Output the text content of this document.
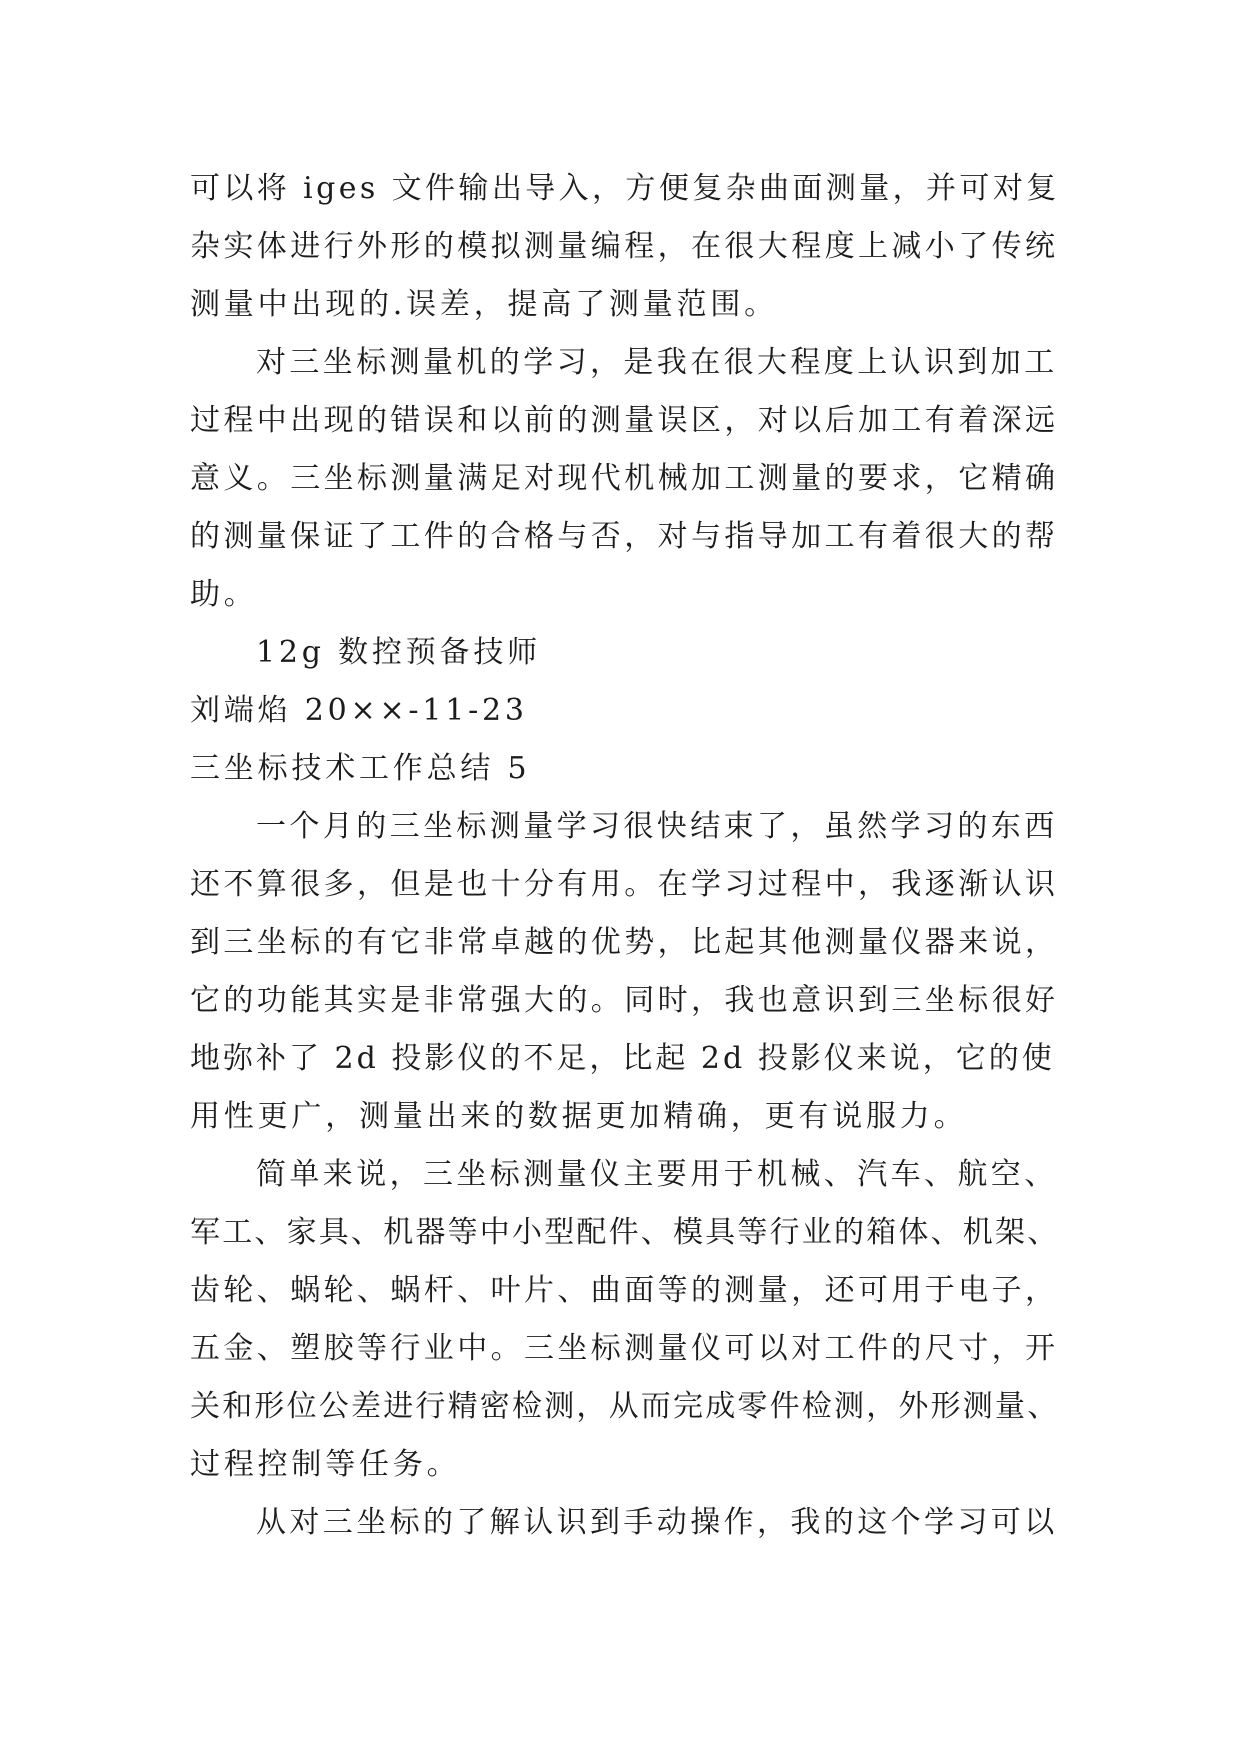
可以将 iges 文件输出导入，方便复杂曲面测量，并可对复
杂实体进行外形的模拟测量编程，在很大程度上减小了传统
测量中出现的.误差，提高了测量范围。
对三坐标测量机的学习，是我在很大程度上认识到加工
过程中出现的错误和以前的测量误区，对以后加工有着深远
意义。三坐标测量满足对现代机械加工测量的要求，它精确
的测量保证了工件的合格与否，对与指导加工有着很大的帮
助。
12g 数控预备技师
刘端焰 20××-11-23
三坐标技术工作总结 5
一个月的三坐标测量学习很快结束了，虽然学习的东西
还不算很多，但是也十分有用。在学习过程中，我逐渐认识
到三坐标的有它非常卓越的优势，比起其他测量仪器来说，
它的功能其实是非常强大的。同时，我也意识到三坐标很好
地弥补了 2d 投影仪的不足，比起 2d 投影仪来说，它的使
用性更广，测量出来的数据更加精确，更有说服力。
简单来说，三坐标测量仪主要用于机械、汽车、航空、
军工、家具、机器等中小型配件、模具等行业的箱体、机架、
齿轮、蜗轮、蜗杆、叶片、曲面等的测量，还可用于电子，
五金、塑胶等行业中。三坐标测量仪可以对工件的尺寸，开
关和形位公差进行精密检测，从而完成零件检测，外形测量、
过程控制等任务。
从对三坐标的了解认识到手动操作，我的这个学习可以
